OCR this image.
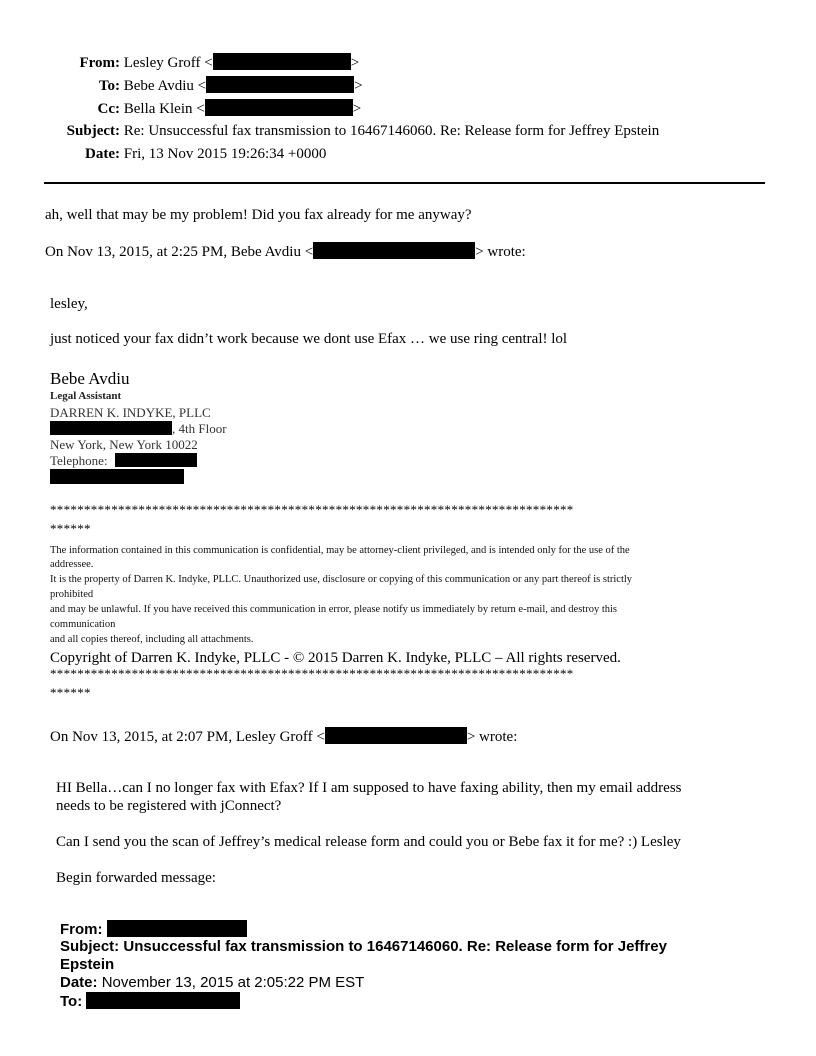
From: Lesley Groff <	>
To: Bebe Avdiu <	>
Cc: Bella Klein <	>
Subject: Re: Unsuccessful fax transmission to 16467146060. Re: Release form for Jeffrey Epstein
Date: Fri, 13 Nov 2015 19:26:34 +0000
ah, well that may be my problem! Did you fax already for me anyway?
On Nov 13, 2015, at 2:25 PM, Bebe Avdiu <	> wrote:
lesley,
just noticed your fax didn’t work because we dont use Efax … we use ring central! lol
Bebe Avdiu
Legal Assistant
DARREN K. INDYKE, PLLC
, 4th Floor
New York, New York 10022
Telephone:
*****************************************************************************
******
The information contained in this communication is confidential, may be attorney-client privileged, and is intended only for the use of the
addressee.
It is the property of Darren K. Indyke, PLLC. Unauthorized use, disclosure or copying of this communication or any part thereof is strictly
prohibited
and may be unlawful. If you have received this communication in error, please notify us immediately by return e-mail, and destroy this
communication
and all copies thereof, including all attachments.
Copyright of Darren K. Indyke, PLLC - © 2015 Darren K. Indyke, PLLC – All rights reserved.
*****************************************************************************
******
On Nov 13, 2015, at 2:07 PM, Lesley Groff <	> wrote:
HI Bella…can I no longer fax with Efax? If I am supposed to have faxing ability, then my email address
needs to be registered with jConnect?
Can I send you the scan of Jeffrey’s medical release form and could you or Bebe fax it for me? :) Lesley
Begin forwarded message:
From:
Subject: Unsuccessful fax transmission to 16467146060. Re: Release form for Jeffrey
Epstein
Date: November 13, 2015 at 2:05:22 PM EST
To:
